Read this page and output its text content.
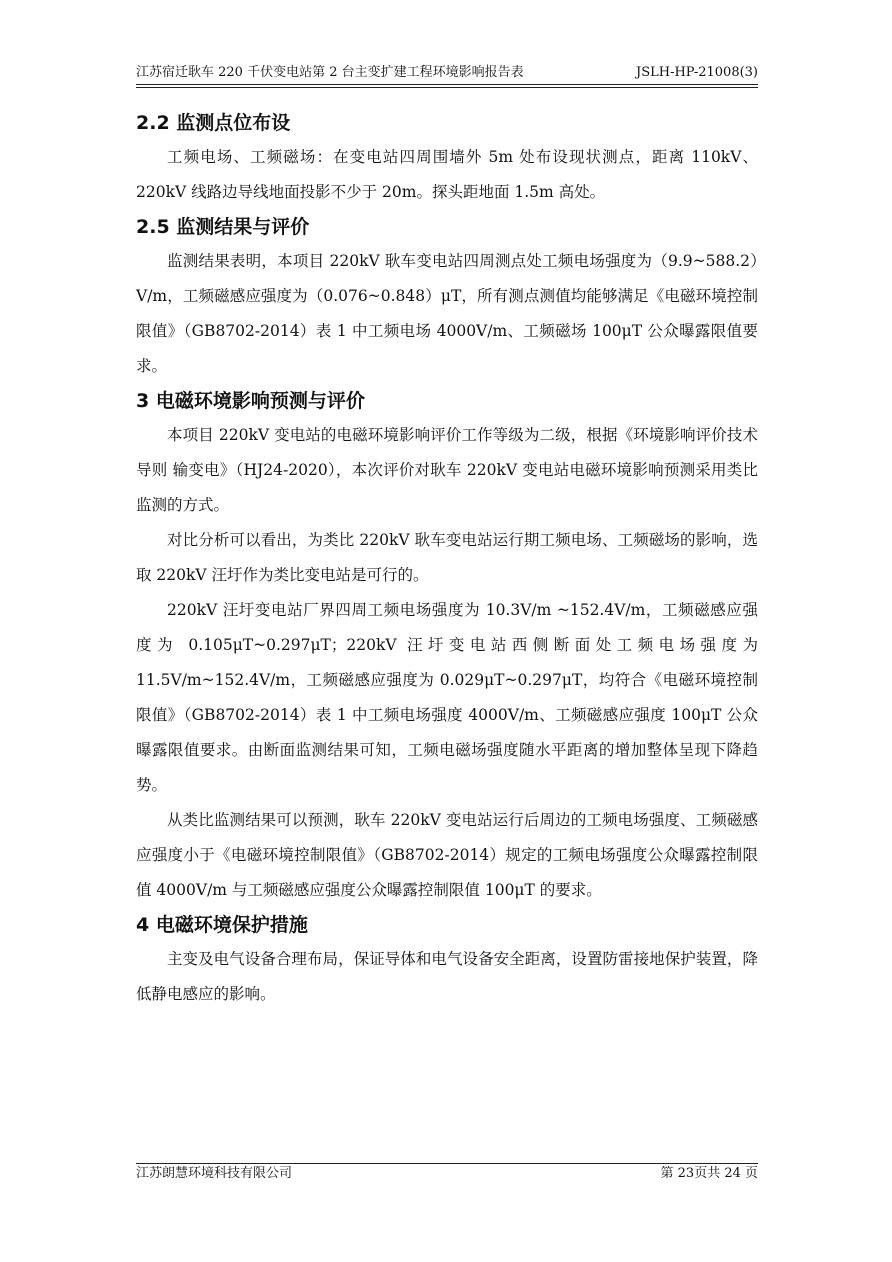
江苏宿迁耿车 220 千伏变电站第 2 台主变扩建工程环境影响报告表	JSLH-HP-21008(3)
2.2 监测点位布设

工频电场、工频磁场：在变电站四周围墙外 5m 处布设现状测点，距离 110kV、220kV 线路边导线地面投影不少于 20m。探头距地面 1.5m 高处。

2.5 监测结果与评价

监测结果表明，本项目 220kV 耿车变电站四周测点处工频电场强度为（9.9~588.2）V/m，工频磁感应强度为（0.076~0.848）μT，所有测点测值均能够满足《电磁环境控制限值》（GB8702-2014）表 1 中工频电场 4000V/m、工频磁场 100μT 公众曝露限值要求。

3 电磁环境影响预测与评价

本项目 220kV 变电站的电磁环境影响评价工作等级为二级，根据《环境影响评价技术导则 输变电》（HJ24-2020），本次评价对耿车 220kV 变电站电磁环境影响预测采用类比监测的方式。

对比分析可以看出，为类比 220kV 耿车变电站运行期工频电场、工频磁场的影响，选取 220kV 汪圩作为类比变电站是可行的。

220kV 汪圩变电站厂界四周工频电场强度为 10.3V/m ~152.4V/m，工频磁感应强度为 0.105μT~0.297μT；220kV 汪圩变电站西侧断面处工频电场强度为 11.5V/m~152.4V/m，工频磁感应强度为 0.029μT~0.297μT，均符合《电磁环境控制限值》（GB8702-2014）表 1 中工频电场强度 4000V/m、工频磁感应强度 100μT 公众曝露限值要求。由断面监测结果可知，工频电磁场强度随水平距离的增加整体呈现下降趋势。

从类比监测结果可以预测，耿车 220kV 变电站运行后周边的工频电场强度、工频磁感应强度小于《电磁环境控制限值》（GB8702-2014）规定的工频电场强度公众曝露控制限值 4000V/m 与工频磁感应强度公众曝露控制限值 100μT 的要求。

4 电磁环境保护措施

主变及电气设备合理布局，保证导体和电气设备安全距离，设置防雷接地保护装置，降低静电感应的影响。

江苏朗慧环境科技有限公司	第 23页共 24 页
